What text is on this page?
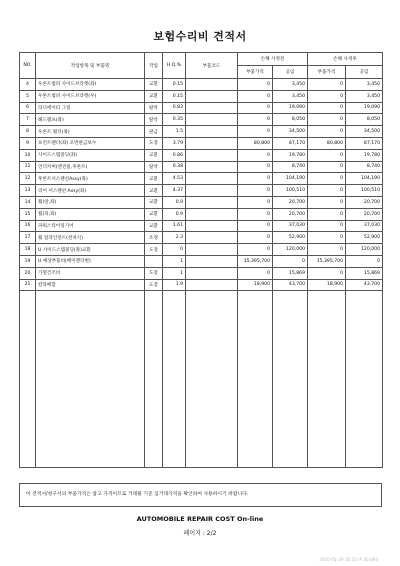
보험수리비 견적서
NO.	작업항목 및 부품명	작업	H.Q.%	부품코드	손해 사정전		손해 사정후	
					부품가격	공임	부품가격	공임
4	우론트범퍼 사이드브라켓(좌)	교환	0.15		0	3,450	0	3,450
5	우론트범퍼 사이드브라켓(우)	교환	0.15		0	3,450	0	3,450
6	라디에이터 그릴	탈착	0.83		0	19,090	0	19,090
7	헤드램프(좌)	탈착	0.35		0	8,050	0	8,050
8	우론트 휠더(좌)	판금	1.5		0	34,500	0	34,500
9	프런트펜더(좌) 포면판금보수	도장	3.79		80,800	87,170	80,800	87,170
10	사이드스텝몰딩(좌)	교환	0.86		0	19,780	0	19,780
11	언더커버(엔진룸,후론트)	탈착	0.38		0	8,740	0	8,740
12	후론트서스펜션Assy(좌)	교환	4.53		0	104,190	0	104,190
13	리어 서스펜션 Assy(좌)	교환	4.37		0	100,510	0	100,510
14	휠(앞,좌)	교환	0.9		0	20,700	0	20,700
15	휠(뒤,좌)	교환	0.9		0	20,700	0	20,700
16	파워스티어링기어	교환	1.61		0	37,030	0	37,030
17	휠 얼라인먼트(전차식)	조정	2.3		0	52,900	0	52,900
18	U 사이드스텝몰딩(좌)교환	도장	0		0	120,000	0	120,000
19	U 예상부품비(베이젠더변)		1		15,395,700	0	15,395,700	0
20	가열건조비	도장	1		0	15,869	0	15,869
21	칼라배합	도장	1.9		18,900	43,700	18,900	43,700

이 견적서/청구서의 부품가격은 참고 가격이므로 거래될 기준 심거래가격을 확인하여 사용하시기 바랍니다.
AUTOMOBILE REPAIR COST On-line
페이지 : 2/2
2020-01-29 16:53 IP 40 094
